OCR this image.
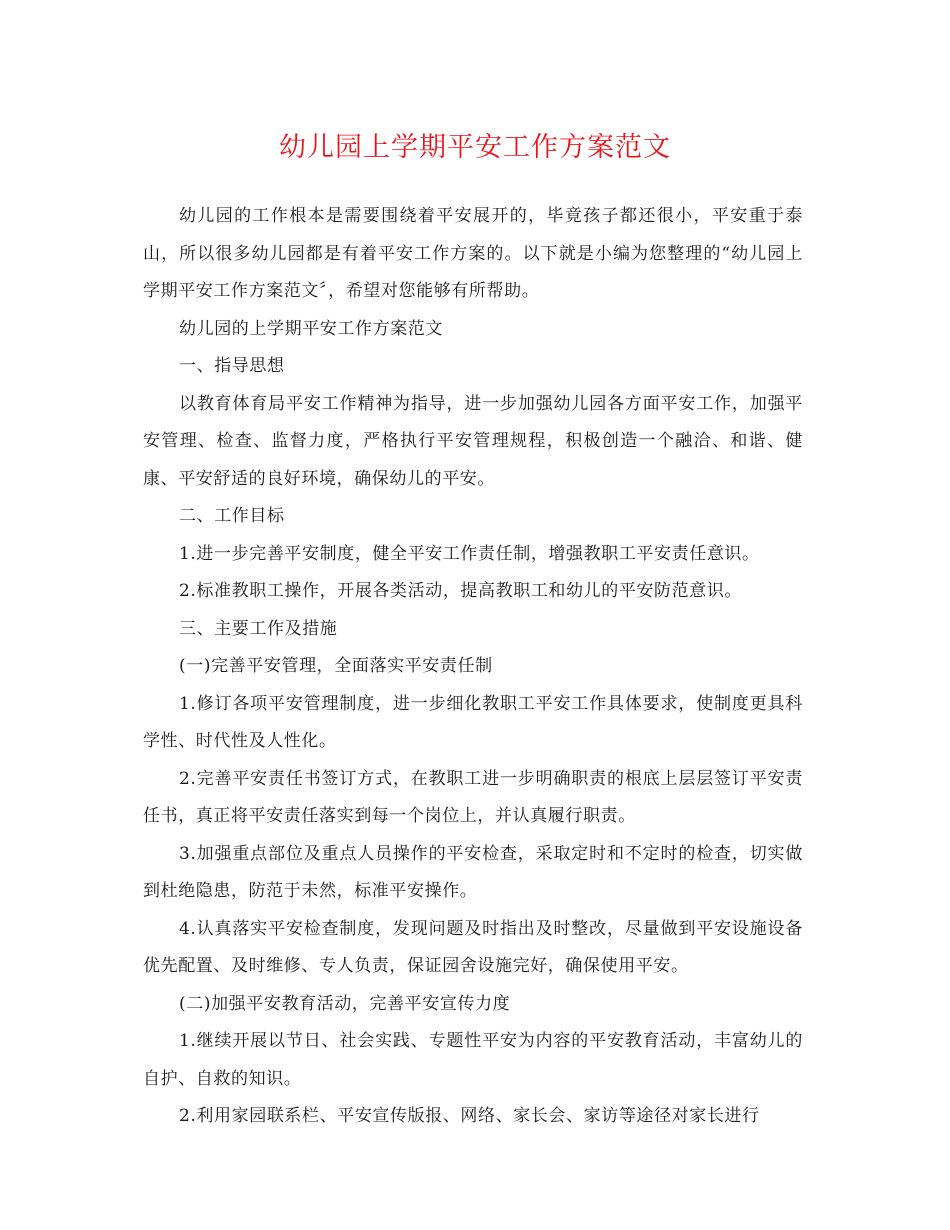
幼儿园上学期平安工作方案范文

幼儿园的工作根本是需要围绕着平安展开的，毕竟孩子都还很小，平安重于泰山，所以很多幼儿园都是有着平安工作方案的。以下就是小编为您整理的“幼儿园上学期平安工作方案范文〞，希望对您能够有所帮助。

幼儿园的上学期平安工作方案范文

一、指导思想

以教育体育局平安工作精神为指导，进一步加强幼儿园各方面平安工作，加强平安管理、检查、监督力度，严格执行平安管理规程，积极创造一个融洽、和谐、健康、平安舒适的良好环境，确保幼儿的平安。

二、工作目标

1.进一步完善平安制度，健全平安工作责任制，增强教职工平安责任意识。

2.标准教职工操作，开展各类活动，提高教职工和幼儿的平安防范意识。

三、主要工作及措施

(一)完善平安管理，全面落实平安责任制

1.修订各项平安管理制度，进一步细化教职工平安工作具体要求，使制度更具科学性、时代性及人性化。

2.完善平安责任书签订方式，在教职工进一步明确职责的根底上层层签订平安责任书，真正将平安责任落实到每一个岗位上，并认真履行职责。

3.加强重点部位及重点人员操作的平安检查，采取定时和不定时的检查，切实做到杜绝隐患，防范于未然，标准平安操作。

4.认真落实平安检查制度，发现问题及时指出及时整改，尽量做到平安设施设备优先配置、及时维修、专人负责，保证园舍设施完好，确保使用平安。

(二)加强平安教育活动，完善平安宣传力度

1.继续开展以节日、社会实践、专题性平安为内容的平安教育活动，丰富幼儿的自护、自救的知识。

2.利用家园联系栏、平安宣传版报、网络、家长会、家访等途径对家长进行
